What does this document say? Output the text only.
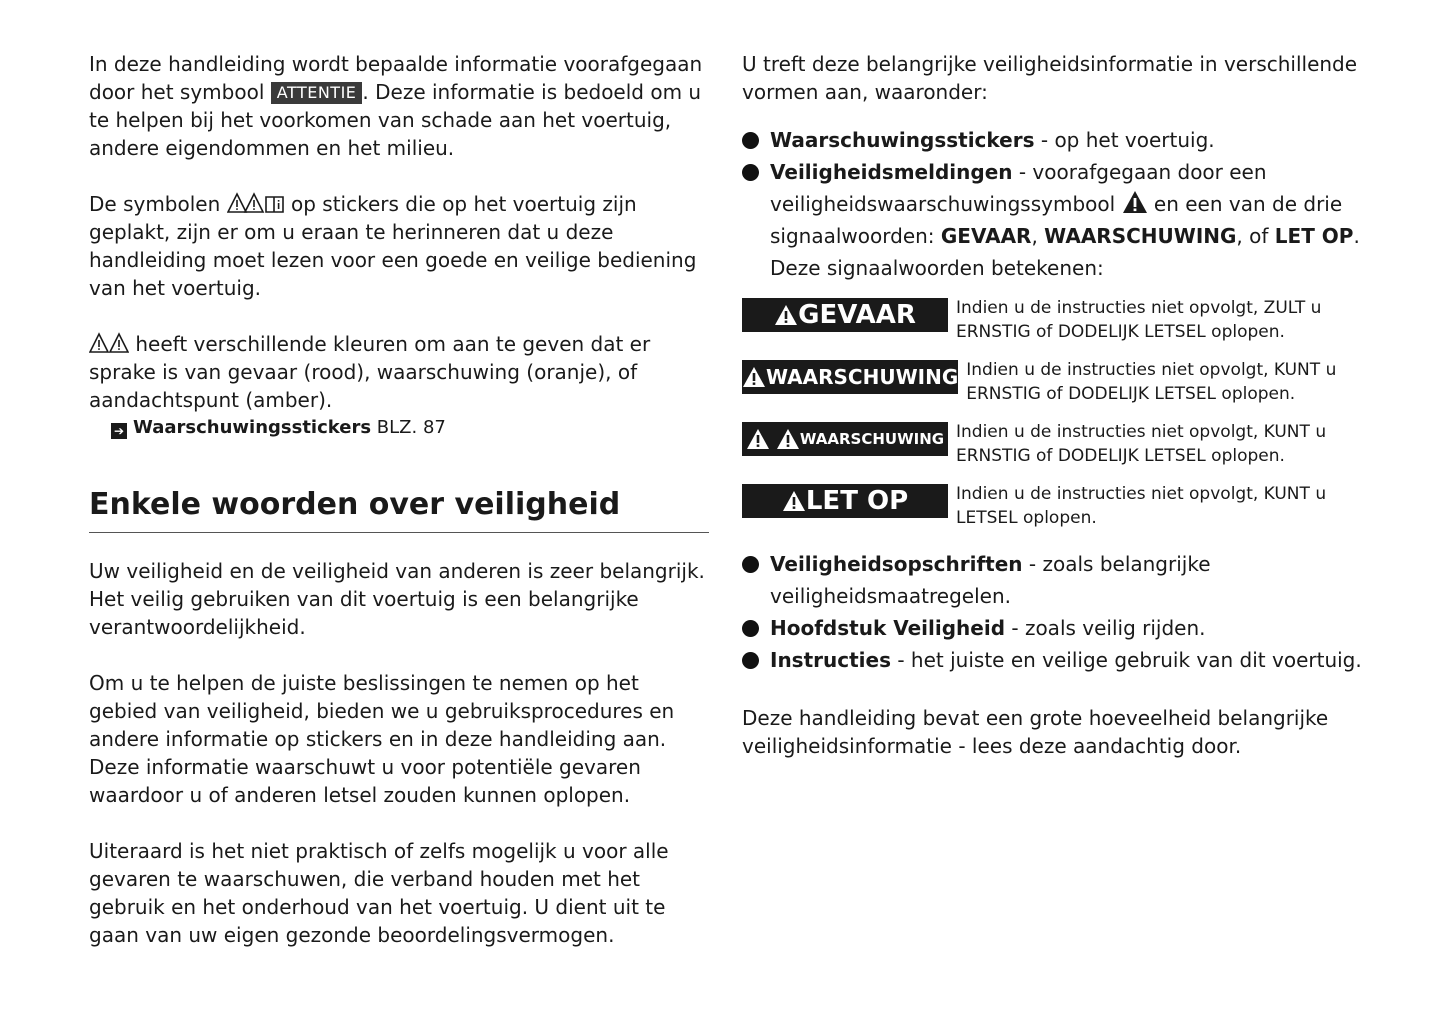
In deze handleiding wordt bepaalde informatie voorafgegaan door het symbool ATTENTIE . Deze informatie is bedoeld om u te helpen bij het voorkomen van schade aan het voertuig, andere eigendommen en het milieu.

De symbolen	op stickers die op het voertuig zijn geplakt, zijn er om u eraan te herinneren dat u deze handleiding moet lezen voor een goede en veilige bediening van het voertuig.

heeft verschillende kleuren om aan te geven dat er sprake is van gevaar (rood), waarschuwing (oranje), of aandachtspunt (amber).

➔ Waarschuwingsstickers BLZ. 87
Enkele woorden over veiligheid

Uw veiligheid en de veiligheid van anderen is zeer belangrijk. Het veilig gebruiken van dit voertuig is een belangrijke verantwoordelijkheid.

Om u te helpen de juiste beslissingen te nemen op het gebied van veiligheid, bieden we u gebruiksprocedures en andere informatie op stickers en in deze handleiding aan. Deze informatie waarschuwt u voor potentiële gevaren waardoor u of anderen letsel zouden kunnen oplopen.

Uiteraard is het niet praktisch of zelfs mogelijk u voor alle gevaren te waarschuwen, die verband houden met het gebruik en het onderhoud van het voertuig. U dient uit te gaan van uw eigen gezonde beoordelingsvermogen.

U treft deze belangrijke veiligheidsinformatie in verschillende vormen aan, waaronder:

Waarschuwingsstickers - op het voertuig.
Veiligheidsmeldingen - voorafgegaan door een veiligheidswaarschuwingssymbool  en een van de drie signaalwoorden: GEVAAR, WAARSCHUWING, of LET OP.
Deze signaalwoorden betekenen:
GEVAAR Indien u de instructies niet opvolgt, ZULT u ERNSTIG of DODELIJK LETSEL oplopen.
WAARSCHUWING Indien u de instructies niet opvolgt, KUNT u ERNSTIG of DODELIJK LETSEL oplopen.
WAARSCHUWING Indien u de instructies niet opvolgt, KUNT u ERNSTIG of DODELIJK LETSEL oplopen.
LET OP	Indien u de instructies niet opvolgt, KUNT u LETSEL oplopen.
Veiligheidsopschriften - zoals belangrijke veiligheidsmaatregelen.
Hoofdstuk Veiligheid - zoals veilig rijden.
Instructies - het juiste en veilige gebruik van dit voertuig.

Deze handleiding bevat een grote hoeveelheid belangrijke veiligheidsinformatie - lees deze aandachtig door.
